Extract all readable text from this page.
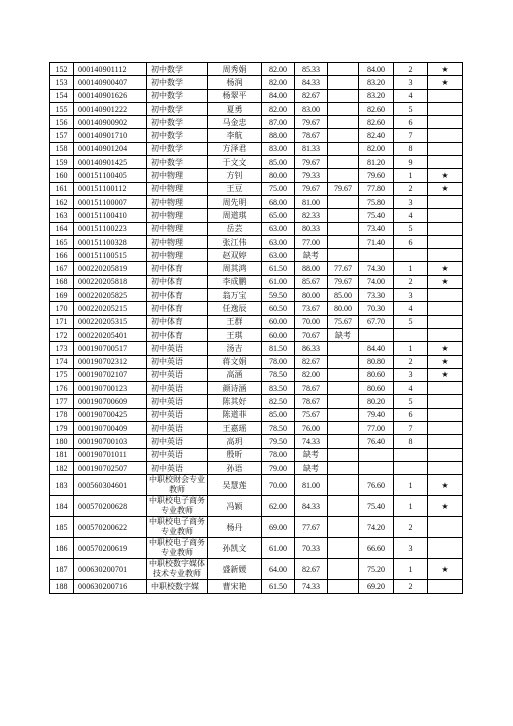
152	000140901112	初中数学	周秀娟	82.00	85.33		84.00	2	★
153	000140900407	初中数学	杨润	82.00	84.33		83.20	3	★
154	000140901626	初中数学	杨翠平	84.00	82.67		83.20	4	
155	000140901222	初中数学	夏勇	82.00	83.00		82.60	5	
156	000140900902	初中数学	马金忠	87.00	79.67		82.60	6	
157	000140901710	初中数学	李航	88.00	78.67		82.40	7	
158	000140901204	初中数学	方泽君	83.00	81.33		82.00	8	
159	000140901425	初中数学	于文文	85.00	79.67		81.20	9	
160	000151100405	初中物理	方钊	80.00	79.33		79.60	1	★
161	000151100112	初中物理	王豆	75.00	79.67	79.67	77.80	2	★
162	000151100007	初中物理	周先明	68.00	81.00		75.80	3	
163	000151100410	初中物理	周道琪	65.00	82.33		75.40	4	
164	000151100223	初中物理	岳芸	63.00	80.33		73.40	5	
165	000151100328	初中物理	张江伟	63.00	77.00		71.40	6	
166	000151100515	初中物理	赵双婷	63.00	缺考				
167	000220205819	初中体育	周其鸿	61.50	88.00	77.67	74.30	1	★
168	000220205818	初中体育	李成鹏	61.00	85.67	79.67	74.00	2	★
169	000220205825	初中体育	翁万宝	59.50	80.00	85.00	73.30	3	
170	000220205215	初中体育	任逸辰	60.50	73.67	80.00	70.30	4	
171	000220205315	初中体育	王群	60.00	70.00	75.67	67.70	5	
172	000220205401	初中体育	王琪	60.00	70.67	缺考			
173	000190700517	初中英语	汤吉	81.50	86.33		84.40	1	★
174	000190702312	初中英语	蒋文娟	78.00	82.67		80.80	2	★
175	000190702107	初中英语	高涵	78.50	82.00		80.60	3	★
176	000190700123	初中英语	颜诗涵	83.50	78.67		80.60	4	
177	000190700609	初中英语	陈其好	82.50	78.67		80.20	5	
178	000190700425	初中英语	陈道菲	85.00	75.67		79.40	6	
179	000190700409	初中英语	王嘉瑶	78.50	76.00		77.00	7	
180	000190700103	初中英语	高玥	79.50	74.33		76.40	8	
181	000190701011	初中英语	殷昕	78.00	缺考				
182	000190702507	初中英语	孙语	79.00	缺考				
183	000560304601	中职校财会专业教师	吴慧莲	70.00	81.00		76.60	1	★
184	000570200628	中职校电子商务专业教师	冯颖	62.00	84.33		75.40	1	★
185	000570200622	中职校电子商务专业教师	杨丹	69.00	77.67		74.20	2	
186	000570200619	中职校电子商务专业教师	孙凯文	61.00	70.33		66.60	3	
187	000630200701	中职校数字媒体技术专业教师	盛新媛	64.00	82.67		75.20	1	★
188	000630200716	中职校数字媒	曹宋艳	61.50	74.33		69.20	2	
